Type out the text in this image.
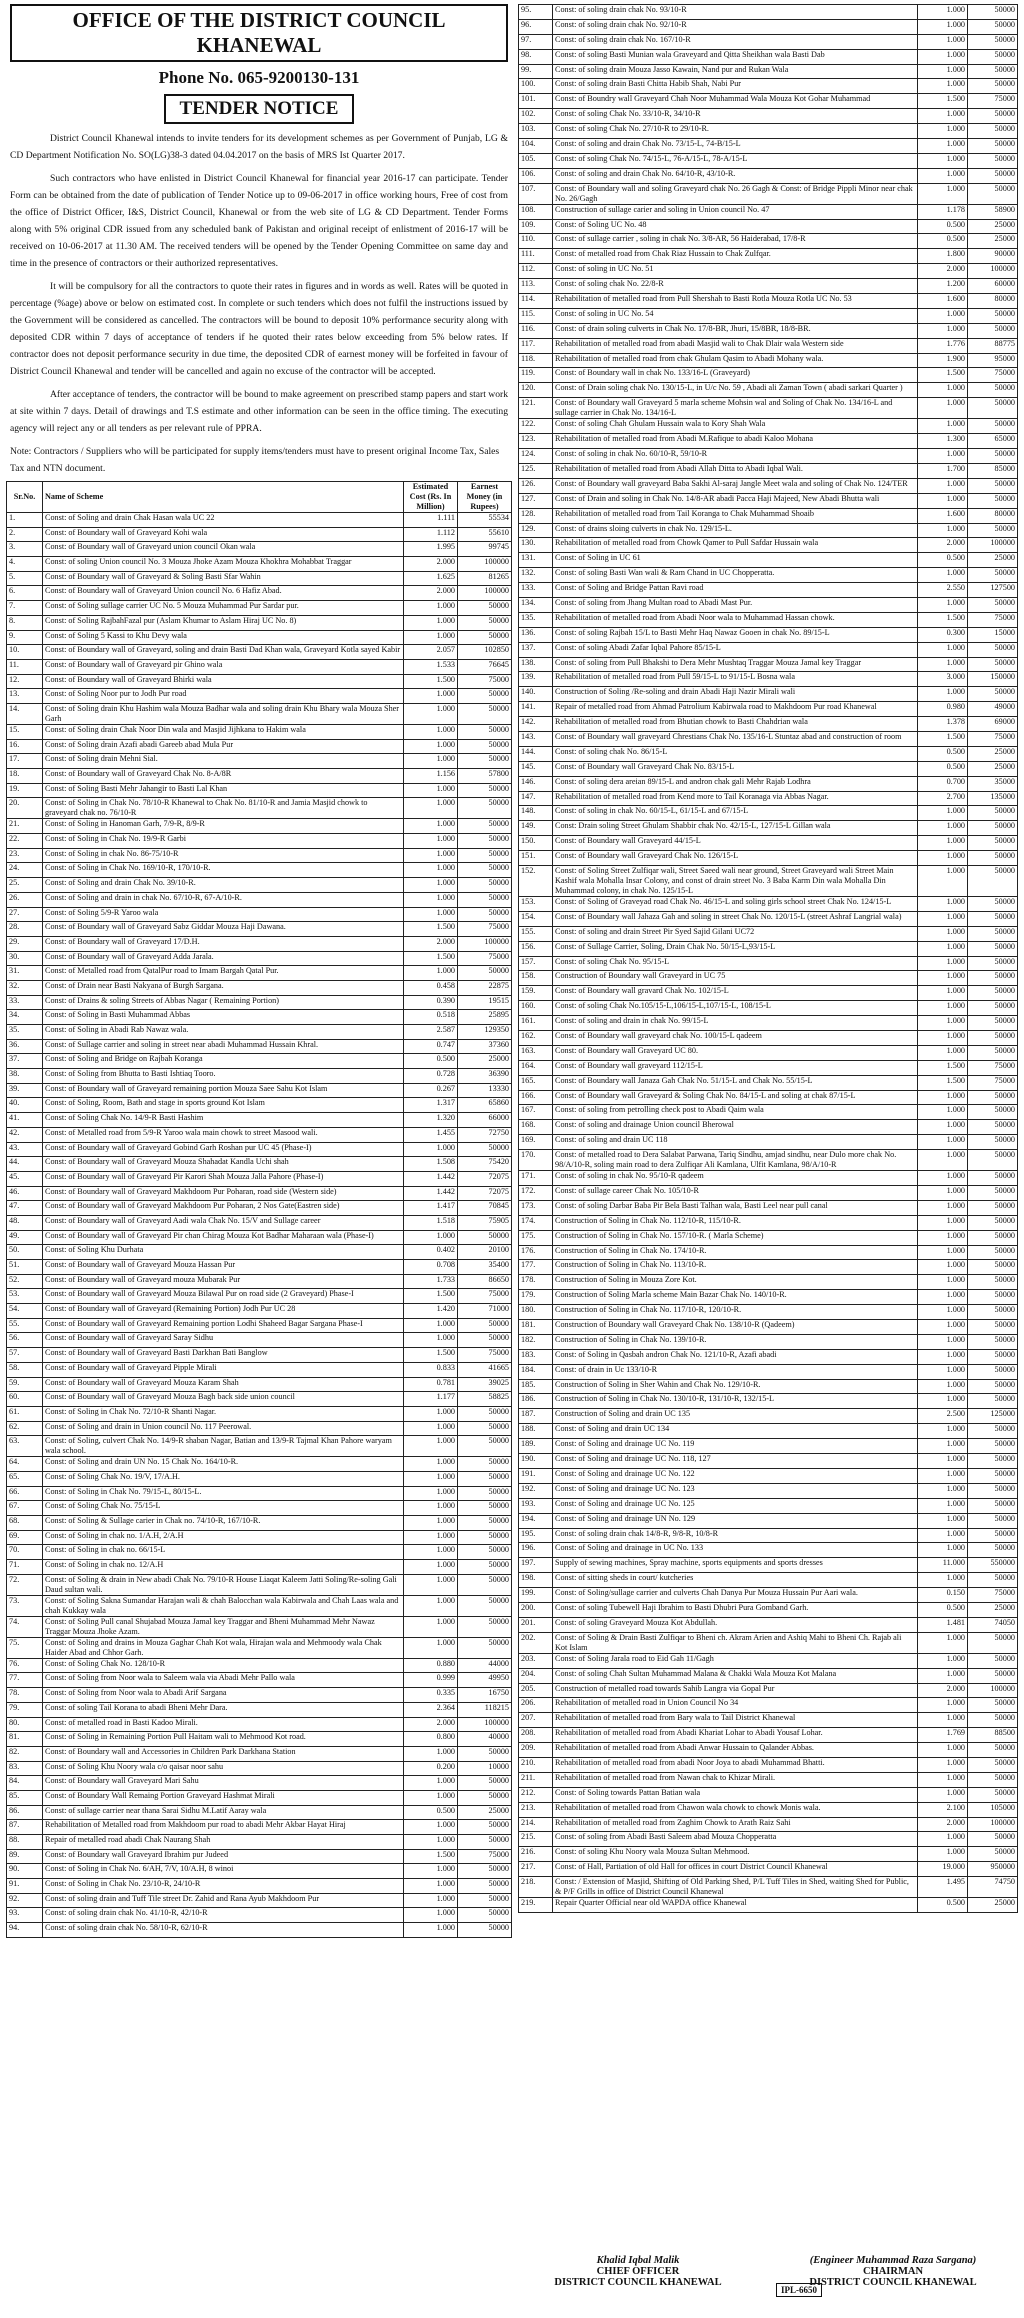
OFFICE OF THE DISTRICT COUNCIL KHANEWAL
Phone No. 065-9200130-131
TENDER NOTICE

District Council Khanewal intends to invite tenders for its development schemes as per Government of Punjab, LG & CD Department Notification No. SO(LG)38-3 dated 04.04.2017 on the basis of MRS Ist Quarter 2017.

Such contractors who have enlisted in District Council Khanewal for financial year 2016-17 can participate. Tender Form can be obtained from the date of publication of Tender Notice up to 09-06-2017 in office working hours, Free of cost from the office of District Officer, I&S, District Council, Khanewal or from the web site of LG & CD Department. Tender Forms along with 5% original CDR issued from any scheduled bank of Pakistan and original receipt of enlistment of 2016-17 will be received on 10-06-2017 at 11.30 AM. The received tenders will be opened by the Tender Opening Committee on same day and time in the presence of contractors or their authorized representatives.

It will be compulsory for all the contractors to quote their rates in figures and in words as well. Rates will be quoted in percentage (%age) above or below on estimated cost. In complete or such tenders which does not fulfil the instructions issued by the Government will be considered as cancelled. The contractors will be bound to deposit 10% performance security along with deposited CDR within 7 days of acceptance of tenders if he quoted their rates below exceeding from 5% below rates. If contractor does not deposit performance security in due time, the deposited CDR of earnest money will be forfeited in favour of District Council Khanewal and tender will be cancelled and again no excuse of the contractor will be accepted.

After acceptance of tenders, the contractor will be bound to make agreement on prescribed stamp papers and start work at site within 7 days. Detail of drawings and T.S estimate and other information can be seen in the office timing. The executing agency will reject any or all tenders as per relevant rule of PPRA.

Note: Contractors / Suppliers who will be participated for supply items/tenders must have to present original Income Tax, Sales Tax and NTN document.

Sr.No.	Name of Scheme	Estimated Cost (Rs. In Million)	Earnest Money (in Rupees)
1.	Const: of Soling and drain Chak Hasan wala UC 22	1.111	55534
2.	Const: of Boundary wall of Graveyard Kohi wala	1.112	55610
3.	Const: of Boundary wall of Graveyard union council Okan wala	1.995	99745
4.	Const: of soling Union council No. 3 Mouza Jhoke Azam Mouza Khokhra Mohabbat Traggar	2.000	100000
5.	Const: of Boundary wall of Graveyard & Soling Basti Sfar Wahin	1.625	81265
6.	Const: of Boundary wall of Graveyard Union council No. 6 Hafiz Abad.	2.000	100000
7.	Const: of Soling sullage carrier UC No. 5 Mouza Muhammad Pur Sardar pur.	1.000	50000
8.	Const: of Soling RajbahFazal pur (Aslam Khumar to Aslam Hiraj UC No. 8)	1.000	50000
9.	Const: of Soling 5 Kassi to Khu Devy wala	1.000	50000
10.	Const: of Boundary wall of Graveyard, soling and drain Basti Dad Khan wala, Graveyard Kotla sayed Kabir	2.057	102850
11.	Const: of Boundary wall of Graveyard pir Ghino wala	1.533	76645
12.	Const: of Boundary wall of Graveyard Bhirki wala	1.500	75000
13.	Const: of Soling Noor pur to Jodh Pur road	1.000	50000
14.	Const: of Soling drain Khu Hashim wala Mouza Badhar wala and soling drain Khu Bhary wala Mouza Sher Garh	1.000	50000
15.	Const: of Soling drain Chak Noor Din wala and Masjid Jijhkana to Hakim wala	1.000	50000
16.	Const: of Soling drain Azafi abadi Gareeb abad Mula Pur	1.000	50000
17.	Const: of Soling drain Mehni Sial.	1.000	50000
18.	Const: of Boundary wall of Graveyard Chak No. 8-A/8R	1.156	57800
19.	Const: of Soling Basti Mehr Jahangir to Basti Lal Khan	1.000	50000
20.	Const: of Soling in Chak No. 78/10-R Khanewal to Chak No. 81/10-R and Jamia Masjid chowk to graveyard chak no. 76/10-R	1.000	50000
21.	Const: of Soling in Hanoman Garh, 7/9-R, 8/9-R	1.000	50000
22.	Const: of Soling in Chak No. 19/9-R Garbi	1.000	50000
23.	Const: of Soling in chak No. 86-75/10-R	1.000	50000
24.	Const: of Soling in Chak No. 169/10-R, 170/10-R.	1.000	50000
25.	Const: of Soling and drain Chak No. 39/10-R.	1.000	50000
26.	Const: of Soling and drain in chak No. 67/10-R, 67-A/10-R.	1.000	50000
27.	Const: of Soling 5/9-R Yaroo wala	1.000	50000
28.	Const: of Boundary wall of Graveyard Sabz Giddar Mouza Haji Dawana.	1.500	75000
29.	Const: of Boundary wall of Graveyard 17/D.H.	2.000	100000
30.	Const: of Boundary wall of Graveyard Adda Jarala.	1.500	75000
31.	Const: of Metalled road from QatalPur road to Imam Bargah Qatal Pur.	1.000	50000
32.	Const: of Drain near Basti Nakyana of Burgh Sargana.	0.458	22875
33.	Const: of Drains & soling Streets of Abbas Nagar ( Remaining Portion)	0.390	19515
34.	Const: of Soling in Basti Muhammad Abbas	0.518	25895
35.	Const: of Soling in Abadi Rab Nawaz wala.	2.587	129350
36.	Const: of Sullage carrier and soling in street near abadi Muhammad Hussain Khral.	0.747	37360
37.	Const: of Soling and Bridge on Rajbah Koranga	0.500	25000
38.	Const: of Soling from Bhutta to Basti Ishtiaq Tooro.	0.728	36390
39.	Const: of Boundary wall of Graveyard remaining portion Mouza Saee Sahu Kot Islam	0.267	13330
40.	Const: of Soling, Room, Bath and stage in sports ground Kot Islam	1.317	65860
41.	Const: of Soling Chak No. 14/9-R Basti Hashim	1.320	66000
42.	Const: of Metalled road from 5/9-R Yaroo wala main chowk to street Masood wali.	1.455	72750
43.	Const: of Boundary wall of Graveyard Gobind Garh Roshan pur UC 45 (Phase-I)	1.000	50000
44.	Const: of Boundary wall of Graveyard Mouza Shahadat Kandla Uchi shah	1.508	75420
45.	Const: of Boundary wall of Graveyard Pir Karori Shah Mouza Jalla Pahore (Phase-I)	1.442	72075
46.	Const: of Boundary wall of Graveyard Makhdoom Pur Poharan, road side (Western side)	1.442	72075
47.	Const: of Boundary wall of Graveyard Makhdoom Pur Poharan, 2 Nos Gate(Eastren side)	1.417	70845
48.	Const: of Boundary wall of Graveyard Aadi wala Chak No. 15/V and Sullage career	1.518	75905
49.	Const: of Boundary wall of Graveyard Pir chan Chirag Mouza Kot Badhar Maharaan wala (Phase-I)	1.000	50000
50.	Const: of Soling Khu Durhata	0.402	20100
51.	Const: of Boundary wall of Graveyard Mouza Hassan Pur	0.708	35400
52.	Const: of Boundary wall of Graveyard mouza Mubarak Pur	1.733	86650
53.	Const: of Boundary wall of Graveyard Mouza Bilawal Pur on road side (2 Graveyard) Phase-I	1.500	75000
54.	Const: of Boundary wall of Graveyard (Remaining Portion) Jodh Pur UC 28	1.420	71000
55.	Const: of Boundary wall of Graveyard Remaining portion Lodhi Shaheed Bagar Sargana Phase-I	1.000	50000
56.	Const: of Boundary wall of Graveyard Saray Sidhu	1.000	50000
57.	Const: of Boundary wall of Graveyard Basti Darkhan Bati Banglow	1.500	75000
58.	Const: of Boundary wall of Graveyard Pipple Mirali	0.833	41665
59.	Const: of Boundary wall of Graveyard Mouza Karam Shah	0.781	39025
60.	Const: of Boundary wall of Graveyard Mouza Bagh back side union council	1.177	58825
61.	Const: of Soling in Chak No. 72/10-R Shanti Nagar.	1.000	50000
62.	Const: of Soling and drain in Union council No. 117 Peerowal.	1.000	50000
63.	Const: of Soling, culvert Chak No. 14/9-R shaban Nagar, Batian and 13/9-R Tajmal Khan Pahore waryam wala school.	1.000	50000
64.	Const: of Soling and drain UN No. 15 Chak No. 164/10-R.	1.000	50000
65.	Const: of Soling Chak No. 19/V, 17/A.H.	1.000	50000
66.	Const: of Soling in Chak No. 79/15-L, 80/15-L.	1.000	50000
67.	Const: of Soling Chak No. 75/15-L	1.000	50000
68.	Const: of Soling & Sullage carier in Chak no. 74/10-R, 167/10-R.	1.000	50000
69.	Const: of Soling in chak no. 1/A.H, 2/A.H	1.000	50000
70.	Const: of Soling in chak no. 66/15-L	1.000	50000
71.	Const: of Soling in chak no. 12/A.H	1.000	50000
72.	Const: of Soling & drain in New abadi Chak No. 79/10-R House Liaqat Kaleem Jatti Soling/Re-soling Gali Daud sultan wali.	1.000	50000
73.	Const: of Soling Sakna Sumandar Harajan wali & chah Balocchan wala Kabirwala and Chah Laas wala and chah Kukkay wala	1.000	50000
74.	Const: of Soling Pull canal Shujabad Mouza Jamal key Traggar and Bheni Muhammad Mehr Nawaz Traggar Mouza Jhoke Azam.	1.000	50000
75.	Const: of Soling and drains in Mouza Gaghar Chah Kot wala, Hirajan wala and Mehmoody wala Chak Haider Abad and Chhor Garh.	1.000	50000
76.	Const: of Soling Chak No. 128/10-R	0.880	44000
77.	Const: of Soling from Noor wala to Saleem wala via Abadi Mehr Pallo wala	0.999	49950
78.	Const: of Soling from Noor wala to Abadi Arif Sargana	0.335	16750
79.	Const: of soling Tail Korana to abadi Bheni Mehr Dara.	2.364	118215
80.	Const: of metalled road in Basti Kadoo Mirali.	2.000	100000
81.	Const: of Soling in Remaining Portion Pull Haitam wali to Mehmood Kot road.	0.800	40000
82.	Const: of Boundary wall and Accessories in Children Park Darkhana Station	1.000	50000
83.	Const: of Soling Khu Noory wala c/o qaisar noor sahu	0.200	10000
84.	Const: of Boundary wall Graveyard Mari Sahu	1.000	50000
85.	Const: of Boundary Wall Remaing Portion Graveyard Hashmat Mirali	1.000	50000
86.	Const: of sullage carrier near thana Sarai Sidhu M.Latif Aaray wala	0.500	25000
87.	Rehabilitation of Metalled road from Makhdoom pur road to abadi Mehr Akbar Hayat Hiraj	1.000	50000
88.	Repair of metalled road abadi Chak Naurang Shah	1.000	50000
89.	Const: of Boundary wall Graveyard Ibrahim pur Judeed	1.500	75000
90.	Const: of Soling in Chak No. 6/AH, 7/V, 10/A.H, 8 winoi	1.000	50000
91.	Const: of Soling in Chak No. 23/10-R, 24/10-R	1.000	50000
92.	Const: of soling drain and Tuff Tile street Dr. Zahid and Rana Ayub Makhdoom Pur	1.000	50000
93.	Const: of soling drain chak No. 41/10-R, 42/10-R	1.000	50000
94.	Const: of soling drain chak No. 58/10-R, 62/10-R	1.000	50000
95.	Const: of soling drain chak No. 93/10-R	1.000	50000
96.	Const: of soling drain chak No. 92/10-R	1.000	50000
97.	Const: of soling drain chak No. 167/10-R	1.000	50000
98.	Const: of soling Basti Munian wala Graveyard and Qitta Sheikhan wala Basti Dab	1.000	50000
99.	Const: of soling drain Mouza Jasso Kawain, Nand pur and Rukan Wala	1.000	50000
100.	Const: of soling drain Basti Chitta Habib Shah, Nabi Pur	1.000	50000
101.	Const: of Boundry wall Graveyard Chah Noor Muhammad Wala Mouza Kot Gohar Muhammad	1.500	75000
102.	Const: of soling Chak No. 33/10-R, 34/10-R	1.000	50000
103.	Const: of soling Chak No. 27/10-R to 29/10-R.	1.000	50000
104.	Const: of soling and drain Chak No. 73/15-L, 74-B/15-L	1.000	50000
105.	Const: of soling Chak No. 74/15-L, 76-A/15-L, 78-A/15-L	1.000	50000
106.	Const: of soling and drain Chak No. 64/10-R, 43/10-R.	1.000	50000
107.	Const: of Boundary wall and soling Graveyard chak No. 26 Gagh & Const: of Bridge Pippli Minor near chak No. 26/Gagh	1.000	50000
108.	Construction of sullage carier and soling in Union council No. 47	1.178	58900
109.	Const: of Soling UC No. 48	0.500	25000
110.	Const: of sullage carrier , soling in chak No. 3/8-AR, 56 Haiderabad, 17/8-R	0.500	25000
111.	Const: of metalled road from Chak Riaz Hussain to Chak Zulfqar.	1.800	90000
112.	Const: of soling in UC No. 51	2.000	100000
113.	Const: of soling chak No. 22/8-R	1.200	60000
114.	Rehabilitation of metalled road from Pull Shershah to Basti Rotla Mouza Rotla UC No. 53	1.600	80000
115.	Const: of soling in UC No. 54	1.000	50000
116.	Const: of drain soling culverts in Chak No. 17/8-BR, Jhuri, 15/8BR, 18/8-BR.	1.000	50000
117.	Rehabilitation of metalled road from abadi Masjid wali to Chak Dlair wala Western side	1.776	88775
118.	Rehabilitation of metalled road from chak Ghulam Qasim to Abadi Mohany wala.	1.900	95000
119.	Const: of Boundary wall in chak No. 133/16-L (Graveyard)	1.500	75000
120.	Const: of Drain soling chak No. 130/15-L, in U/c No. 59 , Abadi ali Zaman Town ( abadi sarkari Quarter )	1.000	50000
121.	Const: of Boundary wall Graveyard 5 marla scheme Mohsin wal and Soling of Chak No. 134/16-L and sullage carrier in Chak No. 134/16-L	1.000	50000
122.	Const: of soling Chah Ghulam Hussain wala to Kory Shah Wala	1.000	50000
123.	Rehabilitation of metalled road from Abadi M.Rafique to abadi Kaloo Mohana	1.300	65000
124.	Const: of soling in chak No. 60/10-R, 59/10-R	1.000	50000
125.	Rehabilitation of metalled road from Abadi Allah Ditta to Abadi Iqbal Wali.	1.700	85000
126.	Const: of Boundary wall graveyard Baba Sakhi Al-saraj Jangle Meet wala and soling of Chak No. 124/TER	1.000	50000
127.	Const: of Drain and soling in Chak No. 14/8-AR abadi Pacca Haji Majeed, New Abadi Bhutta wali	1.000	50000
128.	Rehabilitation of metalled road from Tail Koranga to Chak Muhammad Shoaib	1.600	80000
129.	Const: of drains sloing culverts in chak No. 129/15-L.	1.000	50000
130.	Rehabilitation of metalled road from Chowk Qamer to Pull Safdar Hussain wala	2.000	100000
131.	Const: of Soling in UC 61	0.500	25000
132.	Const: of soling Basti Wan wali & Ram Chand in UC Chopperatta.	1.000	50000
133.	Const: of Soling and Bridge Pattan Ravi road	2.550	127500
134.	Const: of soling from Jhang Multan road to Abadi Mast Pur.	1.000	50000
135.	Rehabilitation of metalled road from Abadi Noor wala to Muhammad Hassan chowk.	1.500	75000
136.	Const: of soling Rajbah 15/L to Basti Mehr Haq Nawaz Gooen in chak No. 89/15-L	0.300	15000
137.	Const: of soling Abadi Zafar Iqbal Pahore 85/15-L	1.000	50000
138.	Const: of soling from Pull Bhakshi to Dera Mehr Mushtaq Traggar Mouza Jamal key Traggar	1.000	50000
139.	Rehabilitation of metalled road from Pull 59/15-L to 91/15-L Bosna wala	3.000	150000
140.	Construction of Soling /Re-soling and drain Abadi Haji Nazir Mirali wali	1.000	50000
141.	Repair of metalled road from Ahmad Patrolium Kabirwala road to Makhdoom Pur road Khanewal	0.980	49000
142.	Rehabilitation of metalled road from Bhutian chowk to Basti Chahdrian wala	1.378	69000
143.	Const: of Boundary wall graveyard Chrestians Chak No. 135/16-L Stuntaz abad and construction of room	1.500	75000
144.	Const: of soling chak No. 86/15-L	0.500	25000
145.	Const: of Boundary wall Graveyard Chak No. 83/15-L	0.500	25000
146.	Const: of soling dera areian 89/15-L and andron chak gali Mehr Rajab Lodhra	0.700	35000
147.	Rehabilitation of metalled road from Kend more to Tail Koranaga via Abbas Nagar.	2.700	135000
148.	Const: of soling in chak No. 60/15-L, 61/15-L and 67/15-L	1.000	50000
149.	Const: Drain soling Street Ghulam Shabbir chak No. 42/15-L, 127/15-L Gillan wala	1.000	50000
150.	Const: of Boundary wall Graveyard 44/15-L	1.000	50000
151.	Const: of Boundary wall Graveyard Chak No. 126/15-L	1.000	50000
152.	Const: of Soling Street Zulfiqar wali, Street Saeed wali near ground, Street Graveyard wali Street Main Kashif wala Mohalla Insar Colony, and const of drain street No. 3 Baba Karm Din wala Mohalla Din Muhammad colony, in chak No. 125/15-L	1.000	50000
153.	Const: of Soling of Graveyad road Chak No. 46/15-L and soling girls school street Chak No. 124/15-L	1.000	50000
154.	Const: of Boundary wall Jahaza Gah and soling in street Chak No. 120/15-L (street Ashraf Langrial wala)	1.000	50000
155.	Const: of soling and drain Street Pir Syed Sajid Gilani UC72	1.000	50000
156.	Const: of Sullage Carrier, Soling, Drain Chak No. 50/15-L,93/15-L	1.000	50000
157.	Const: of soling Chak No. 95/15-L	1.000	50000
158.	Construction of Boundary wall Graveyard in UC 75	1.000	50000
159.	Const: of Boundary wall gravard Chak No. 102/15-L	1.000	50000
160.	Const: of soling Chak No.105/15-L,106/15-L,107/15-L, 108/15-L	1.000	50000
161.	Const: of soling and drain in chak No. 99/15-L	1.000	50000
162.	Const: of Boundary wall graveyard chak No. 100/15-L qadeem	1.000	50000
163.	Const: of Boundary wall Graveyard UC 80.	1.000	50000
164.	Const: of Boundary wall graveyard 112/15-L	1.500	75000
165.	Const: of Boundary wall Janaza Gah Chak No. 51/15-L and Chak No. 55/15-L	1.500	75000
166.	Const: of Boundary wall Graveyard & Soling Chak No. 84/15-L and soling at chak 87/15-L	1.000	50000
167.	Const: of soling from petrolling check post to Abadi Qaim wala	1.000	50000
168.	Const: of soling and drainage Union council Bherowal	1.000	50000
169.	Const: of soling and drain UC 118	1.000	50000
170.	Const: of metalled road to Dera Salabat Parwana, Tariq Sindhu, amjad sindhu, near Dulo more chak No. 98/A/10-R, soling main road to dera Zulfiqar Ali Kamlana, Ulfit Kamlana, 98/A/10-R	1.000	50000
171.	Const: of soling in chak No. 95/10-R qadeem	1.000	50000
172.	Const: of sullage career Chak No. 105/10-R	1.000	50000
173.	Const: of soling Darbar Baba Pir Bela Basti Talhan wala, Basti Leel near pull canal	1.000	50000
174.	Construction of Soling in Chak No. 112/10-R, 115/10-R.	1.000	50000
175.	Construction of Soling in Chak No. 157/10-R. ( Marla Scheme)	1.000	50000
176.	Construction of Soling in Chak No. 174/10-R.	1.000	50000
177.	Construction of Soling in Chak No. 113/10-R.	1.000	50000
178.	Construction of Soling in Mouza Zore Kot.	1.000	50000
179.	Construction of Soling Marla scheme Main Bazar Chak No. 140/10-R.	1.000	50000
180.	Construction of Soling in Chak No. 117/10-R, 120/10-R.	1.000	50000
181.	Construction of Boundary wall Graveyard Chak No. 138/10-R (Qadeem)	1.000	50000
182.	Construction of Soling in Chak No. 139/10-R.	1.000	50000
183.	Const: of Soling in Qasbah andron Chak No. 121/10-R, Azafi abadi	1.000	50000
184.	Const: of drain in Uc 133/10-R	1.000	50000
185.	Construction of Soling in Sher Wahin and Chak No. 129/10-R.	1.000	50000
186.	Construction of Soling in Chak No. 130/10-R, 131/10-R, 132/15-L	1.000	50000
187.	Construction of Soling and drain UC 135	2.500	125000
188.	Const: of Soling and drain UC 134	1.000	50000
189.	Const: of Soling and drainage UC No. 119	1.000	50000
190.	Const: of Soling and drainage UC No. 118, 127	1.000	50000
191.	Const: of Soling and drainage UC No. 122	1.000	50000
192.	Const: of Soling and drainage UC No. 123	1.000	50000
193.	Const: of Soling and drainage UC No. 125	1.000	50000
194.	Const: of Soling and drainage UN No. 129	1.000	50000
195.	Const: of soling drain chak 14/8-R, 9/8-R, 10/8-R	1.000	50000
196.	Const: of Soling and drainage in UC No. 133	1.000	50000
197.	Supply of sewing machines, Spray machine, sports equipments and sports dresses	11.000	550000
198.	Const: of sitting sheds in court/ kutcheries	1.000	50000
199.	Const: of Soling/sullage carrier and culverts Chah Danya Pur Mouza Hussain Pur Aari wala.	0.150	75000
200.	Const: of soling Tubewell Haji Ibrahim to Basti Dhubri Pura Gomband Garh.	0.500	25000
201.	Const: of soling Graveyard Mouza Kot Abdullah.	1.481	74050
202.	Const: of Soling & Drain Basti Zulfiqar to Bheni ch. Akram Arien and Ashiq Mahi to Bheni Ch. Rajab ali Kot Islam	1.000	50000
203.	Const: of Soling Jarala road to Eid Gah 11/Gagh	1.000	50000
204.	Const: of soling Chah Sultan Muhammad Malana & Chakki Wala Mouza Kot Malana	1.000	50000
205.	Construction of metalled road towards Sahib Langra via Gopal Pur	2.000	100000
206.	Rehabilitation of metalled road in Union Council No 34	1.000	50000
207.	Rehabilitation of metalled road from Bary wala to Tail District Khanewal	1.000	50000
208.	Rehabilitation of metalled road from Abadi Khariat Lohar to Abadi Yousaf Lohar.	1.769	88500
209.	Rehabilitation of metalled road from Abadi Anwar Hussain to Qalander Abbas.	1.000	50000
210.	Rehabilitation of metalled road from abadi Noor Joya to abadi Muhammad Bhatti.	1.000	50000
211.	Rehabilitation of metalled road from Nawan chak to Khizar Mirali.	1.000	50000
212.	Const: of Soling towards Pattan Batian wala	1.000	50000
213.	Rehabilitation of metalled road from Chawon wala chowk to chowk Monis wala.	2.100	105000
214.	Rehabilitation of metalled road from Zaghim Chowk to Arath Raiz Sahi	2.000	100000
215.	Const: of soling from Abadi Basti Saleem abad Mouza Chopperatta	1.000	50000
216.	Const: of soling Khu Noory wala Mouza Sultan Mehmood.	1.000	50000
217.	Const: of Hall, Partiation of old Hall for offices in court District Council Khanewal	19.000	950000
218.	Const: / Extension of Masjid, Shifting of Old Parking Shed, P/L Tuff Tiles in Shed, waiting Shed for Public, & P/F Grills in office of District Council Khanewal	1.495	74750
219.	Repair Quarter Official near old WAPDA office Khanewal	0.500	25000
Khalid Iqbal Malik
CHIEF OFFICER
DISTRICT COUNCIL KHANEWAL
IPL-6650
(Engineer Muhammad Raza Sargana)
CHAIRMAN
DISTRICT COUNCIL KHANEWAL
